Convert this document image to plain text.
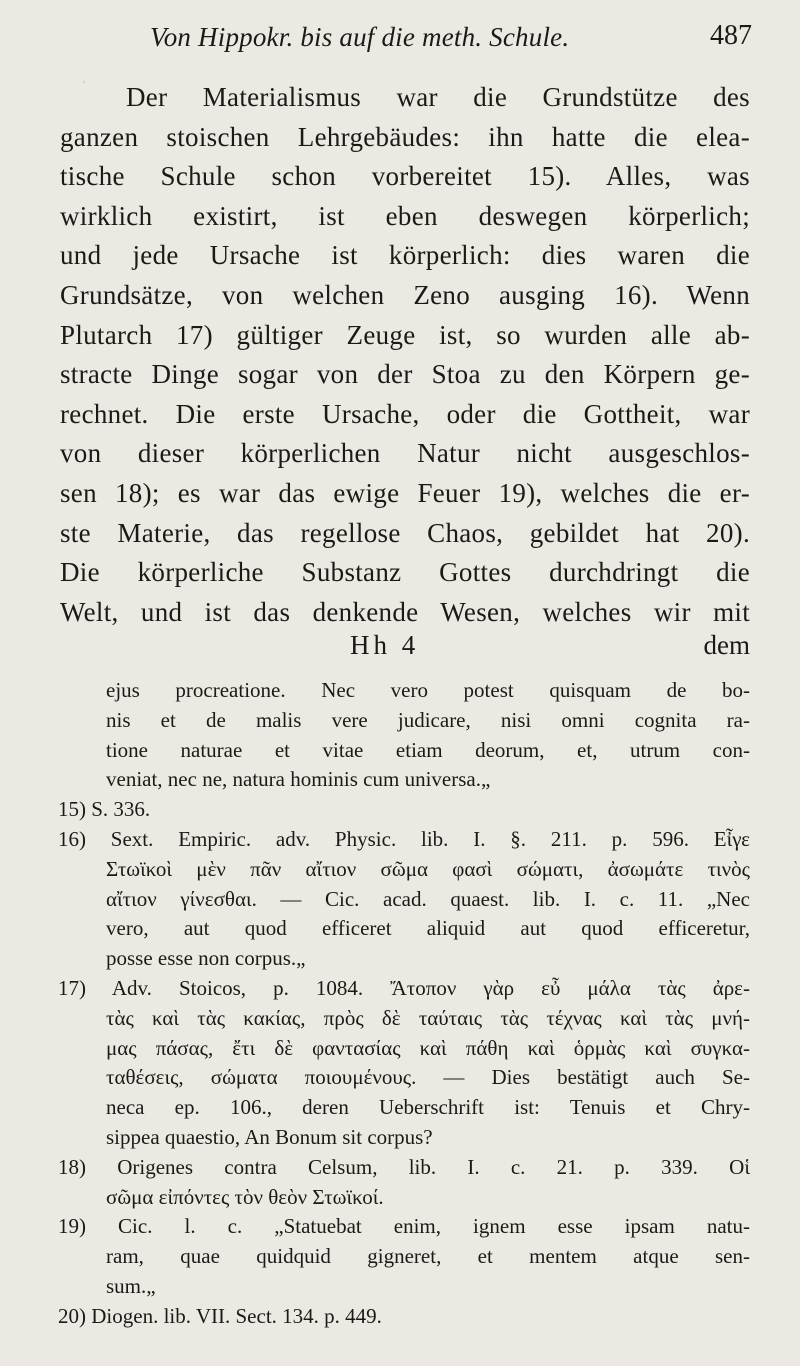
·
Von Hippokr. bis auf die meth. Schule.	487
Der Materialismus war die Grundstütze des
ganzen stoischen Lehrgebäudes: ihn hatte die elea-
tische Schule schon vorbereitet 15). Alles, was
wirklich existirt, ist eben deswegen körperlich;
und jede Ursache ist körperlich: dies waren die
Grundsätze, von welchen Zeno ausging 16). Wenn
Plutarch 17) gültiger Zeuge ist, so wurden alle ab-
stracte Dinge sogar von der Stoa zu den Körpern ge-
rechnet. Die erste Ursache, oder die Gottheit, war
von dieser körperlichen Natur nicht ausgeschlos-
sen 18); es war das ewige Feuer 19), welches die er-
ste Materie, das regellose Chaos, gebildet hat 20).
Die körperliche Substanz Gottes durchdringt die
Welt, und ist das denkende Wesen, welches wir mit
Hh 4	dem
ejus procreatione. Nec vero potest quisquam de bo-
nis et de malis vere judicare, nisi omni cognita ra-
tione naturae et vitae etiam deorum, et, utrum con-
veniat, nec ne, natura hominis cum universa.„
15) S. 336.
16) Sext. Empiric. adv. Physic. lib. I. §. 211. p. 596. Εἶγε
Στωϊκοὶ μὲν πᾶν αἴτιον σῶμα φασὶ σώματι, ἀσωμάτε τινὸς
αἴτιον γίνεσθαι. — Cic. acad. quaest. lib. I. c. 11. „Nec
vero, aut quod efficeret aliquid aut quod efficeretur,
posse esse non corpus.„
17) Adv. Stoicos, p. 1084. Ἄτοπον γὰρ εὖ μάλα τὰς ἀρε-
τὰς καὶ τὰς κακίας, πρὸς δὲ ταύταις τὰς τέχνας καὶ τὰς μνή-
μας πάσας, ἔτι δὲ φαντασίας καὶ πάθη καὶ ὁρμὰς καὶ συγκα-
ταθέσεις, σώματα ποιουμένους. — Dies bestätigt auch Se-
neca ep. 106., deren Ueberschrift ist: Tenuis et Chry-
sippea quaestio, An Bonum sit corpus?
18) Origenes contra Celsum, lib. I. c. 21. p. 339. Οἱ
σῶμα εἰπόντες τὸν θεὸν Στωϊκοί.
19) Cic. l. c. „Statuebat enim, ignem esse ipsam natu-
ram, quae quidquid gigneret, et mentem atque sen-
sum.„
20) Diogen. lib. VII. Sect. 134. p. 449.
